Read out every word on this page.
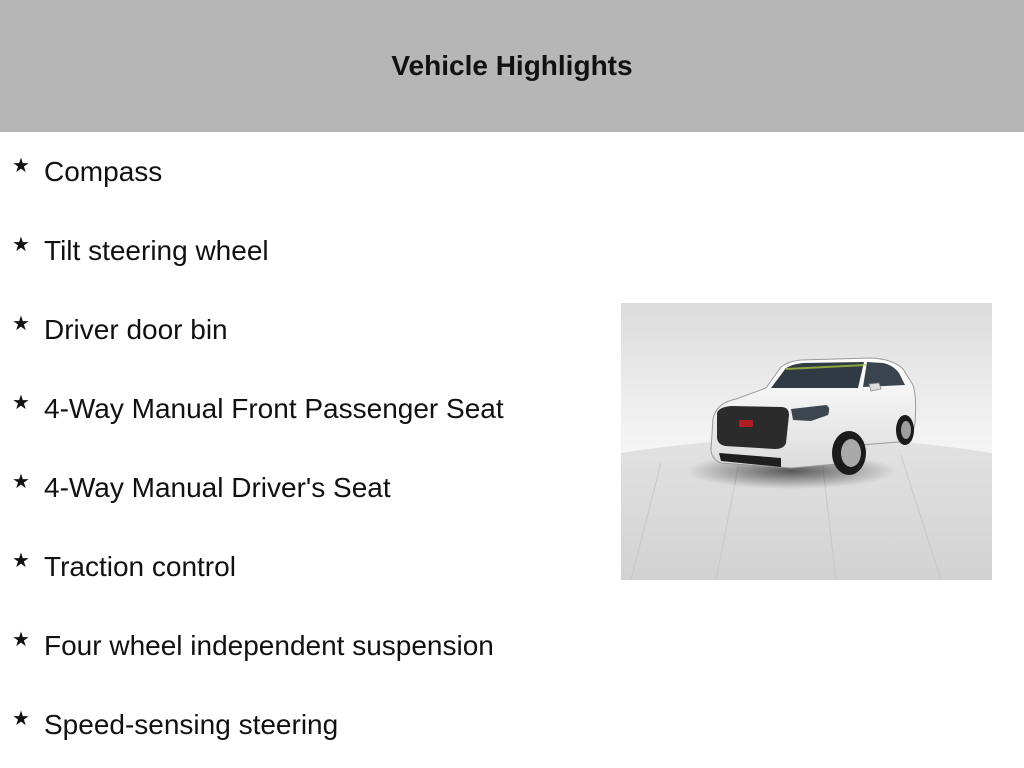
Vehicle Highlights
★ Compass
★ Tilt steering wheel
★ Driver door bin
★ 4-Way Manual Front Passenger Seat
★ 4-Way Manual Driver's Seat
★ Traction control
★ Four wheel independent suspension
★ Speed-sensing steering
